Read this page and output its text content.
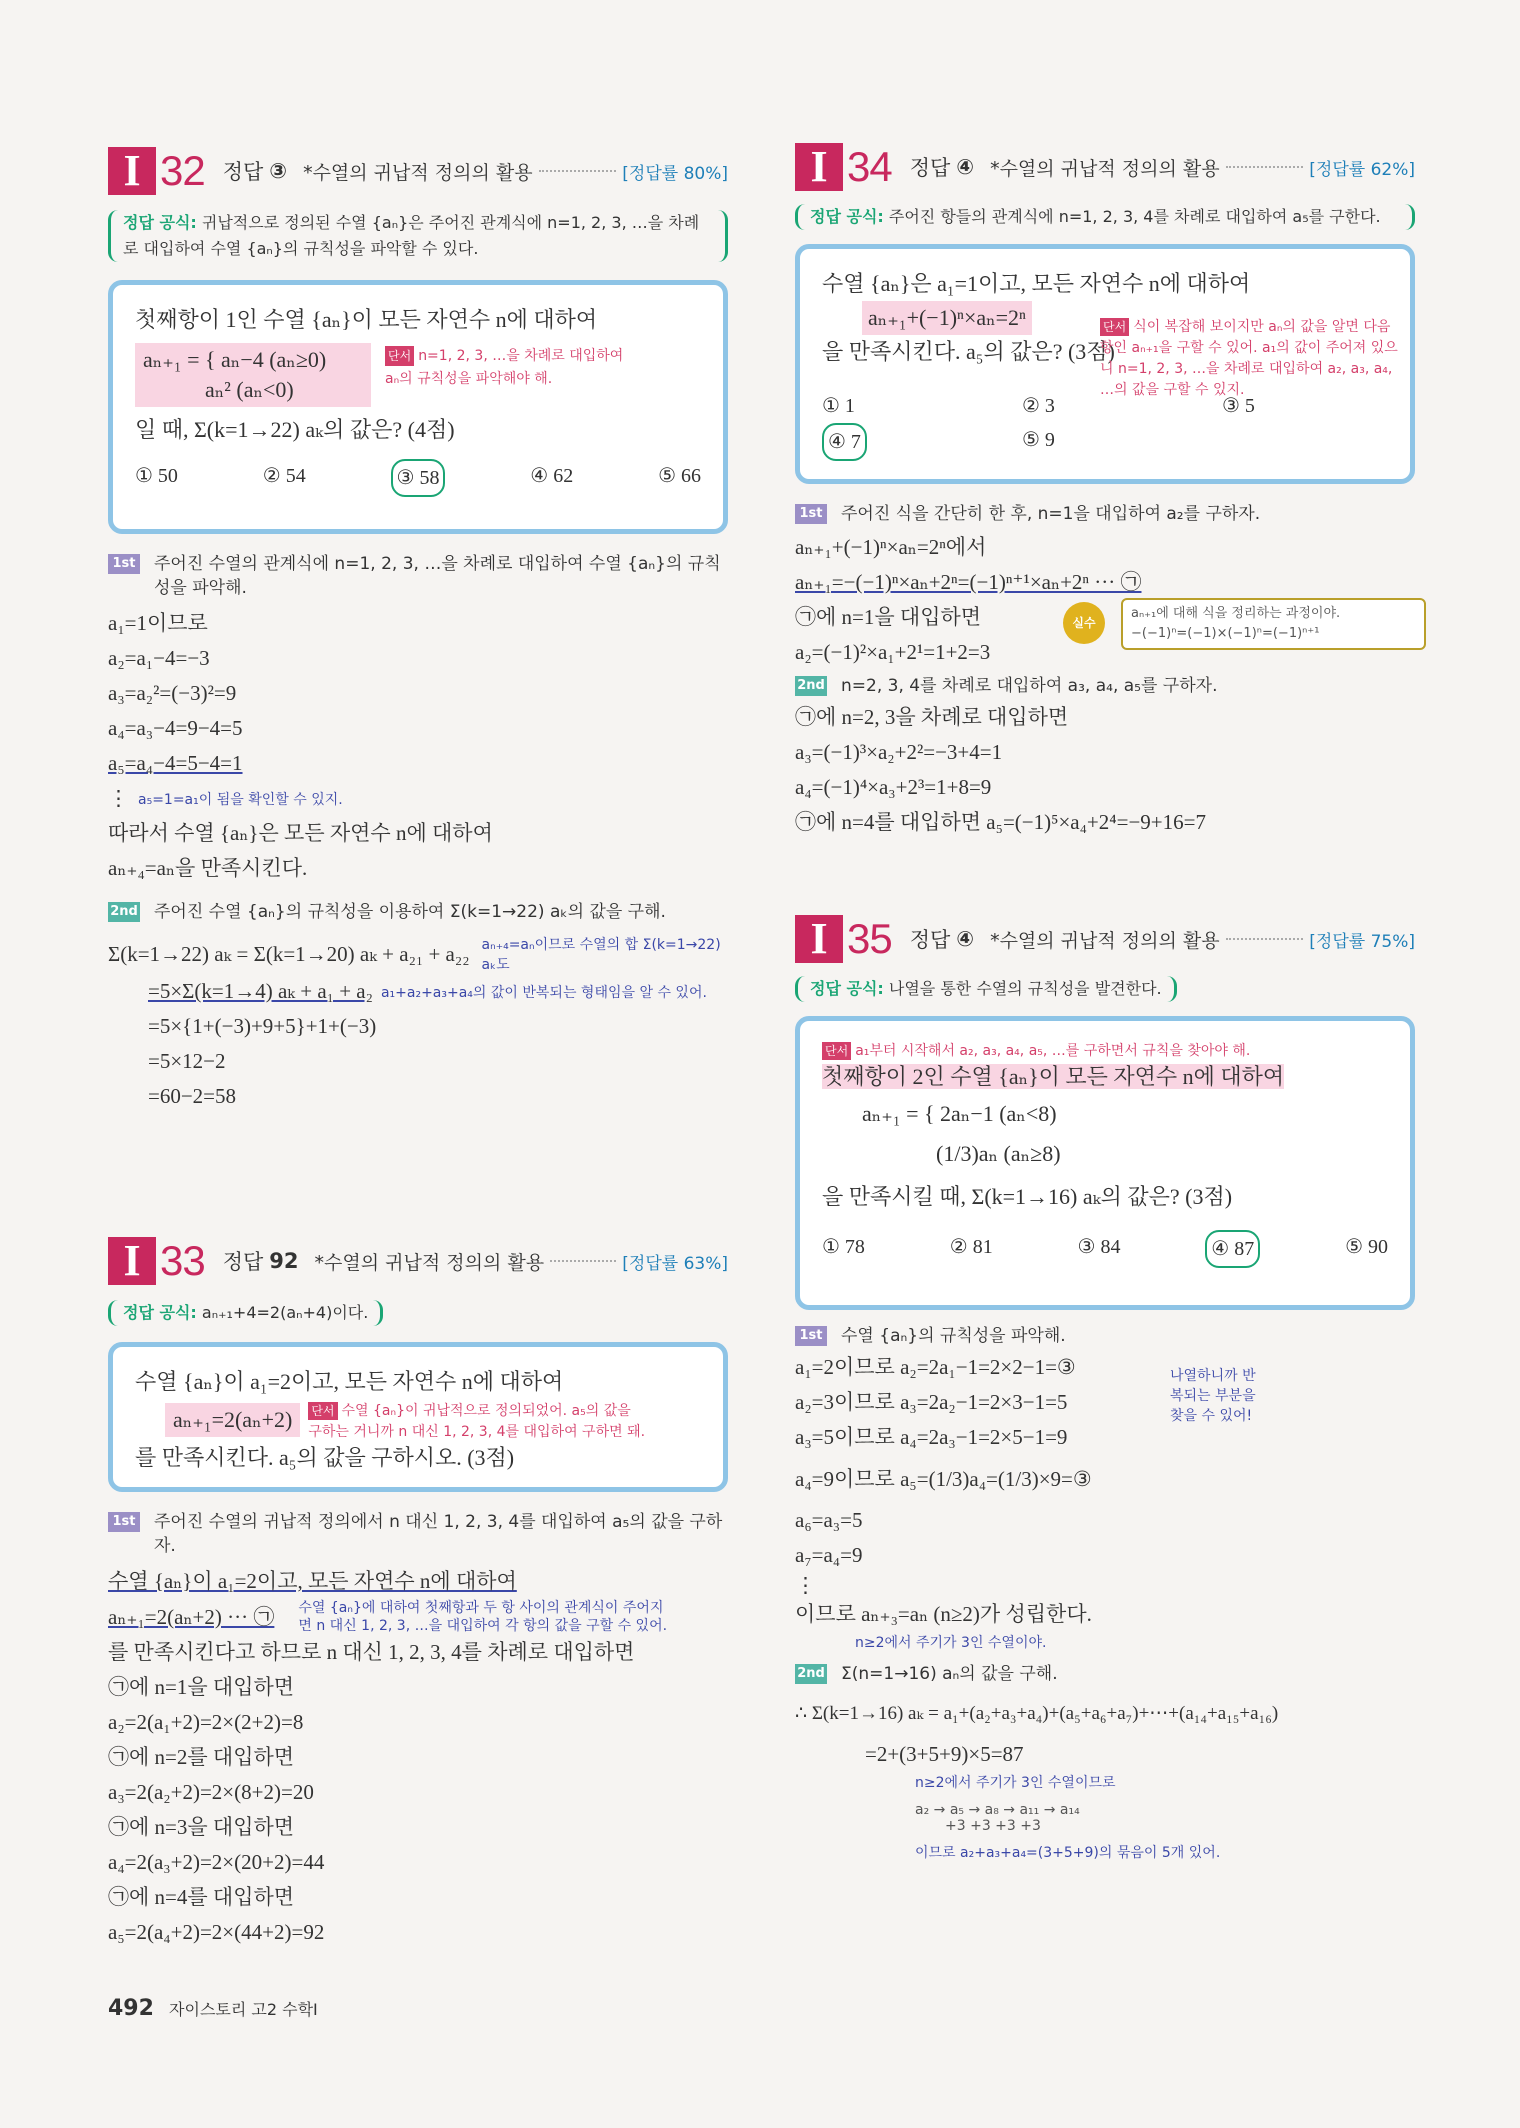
I 32 정답 ③ *수열의 귀납적 정의의 활용	[정답률 80%]
정답 공식: 귀납적으로 정의된 수열 {aₙ}은 주어진 관계식에 n=1, 2, 3, …을 차례로 대입하여 수열 {aₙ}의 규칙성을 파악할 수 있다.
첫째항이 1인 수열 {aₙ}이 모든 자연수 n에 대하여
aₙ₊₁ = { aₙ−4 (aₙ≥0)
aₙ² (aₙ<0)
단서 n=1, 2, 3, …을 차례로 대입하여 aₙ의 규칙성을 파악해야 해.
일 때, Σ(k=1→22) aₖ의 값은? (4점)
① 50	② 54	③ 58	④ 62	⑤ 66
1st 주어진 수열의 관계식에 n=1, 2, 3, …을 차례로 대입하여 수열 {aₙ}의 규칙성을 파악해.
a₁=1이므로
a₂=a₁−4=−3
a₃=a₂²=(−3)²=9
a₄=a₃−4=9−4=5
a₅=a₄−4=5−4=1
⋮ a₅=1=a₁이 됨을 확인할 수 있지.
따라서 수열 {aₙ}은 모든 자연수 n에 대하여
aₙ₊₄=aₙ을 만족시킨다.
2nd 주어진 수열 {aₙ}의 규칙성을 이용하여 Σ(k=1→22) aₖ의 값을 구해.
Σ(k=1→22) aₖ = Σ(k=1→20) aₖ + a₂₁ + a₂₂ aₙ₊₄=aₙ이므로 수열의 합 Σ(k=1→22) aₖ도
=5×Σ(k=1→4) aₖ + a₁ + a₂ a₁+a₂+a₃+a₄의 값이 반복되는 형태임을 알 수 있어.
=5×{1+(−3)+9+5}+1+(−3)
=5×12−2
=60−2=58
I 33 정답 92 *수열의 귀납적 정의의 활용	[정답률 63%]
정답 공식: aₙ₊₁+4=2(aₙ+4)이다.
수열 {aₙ}이 a₁=2이고, 모든 자연수 n에 대하여
aₙ₊₁=2(aₙ+2)	단서 수열 {aₙ}이 귀납적으로 정의되었어. a₅의 값을 구하는 거니까 n 대신 1, 2, 3, 4를 대입하여 구하면 돼.
를 만족시킨다. a₅의 값을 구하시오. (3점)
1st 주어진 수열의 귀납적 정의에서 n 대신 1, 2, 3, 4를 대입하여 a₅의 값을 구하자.
수열 {aₙ}이 a₁=2이고, 모든 자연수 n에 대하여
aₙ₊₁=2(aₙ+2) ··· ㉠ 수열 {aₙ}에 대하여 첫째항과 두 항 사이의 관계식이 주어지면 n 대신 1, 2, 3, …을 대입하여 각 항의 값을 구할 수 있어.
를 만족시킨다고 하므로 n 대신 1, 2, 3, 4를 차례로 대입하면
㉠에 n=1을 대입하면
a₂=2(a₁+2)=2×(2+2)=8
㉠에 n=2를 대입하면
a₃=2(a₂+2)=2×(8+2)=20
㉠에 n=3을 대입하면
a₄=2(a₃+2)=2×(20+2)=44
㉠에 n=4를 대입하면
a₅=2(a₄+2)=2×(44+2)=92
I 34 정답 ④ *수열의 귀납적 정의의 활용	[정답률 62%]
정답 공식: 주어진 항들의 관계식에 n=1, 2, 3, 4를 차례로 대입하여 a₅를 구한다.
수열 {aₙ}은 a₁=1이고, 모든 자연수 n에 대하여
aₙ₊₁+(−1)ⁿ×aₙ=2ⁿ
을 만족시킨다. a₅의 값은? (3점)
단서 식이 복잡해 보이지만 aₙ의 값을 알면 다음 항인 aₙ₊₁을 구할 수 있어. a₁의 값이 주어져 있으니 n=1, 2, 3, …을 차례로 대입하여 a₂, a₃, a₄, …의 값을 구할 수 있지.
① 1	② 3	③ 5
④ 7	⑤ 9
1st 주어진 식을 간단히 한 후, n=1을 대입하여 a₂를 구하자.
aₙ₊₁+(−1)ⁿ×aₙ=2ⁿ에서
aₙ₊₁=−(−1)ⁿ×aₙ+2ⁿ=(−1)ⁿ⁺¹×aₙ+2ⁿ ··· ㉠
㉠에 n=1을 대입하면
a₂=(−1)²×a₁+2¹=1+2=3
실수
aₙ₊₁에 대해 식을 정리하는 과정이야.
−(−1)ⁿ=(−1)×(−1)ⁿ=(−1)ⁿ⁺¹
2nd n=2, 3, 4를 차례로 대입하여 a₃, a₄, a₅를 구하자.
㉠에 n=2, 3을 차례로 대입하면
a₃=(−1)³×a₂+2²=−3+4=1
a₄=(−1)⁴×a₃+2³=1+8=9
㉠에 n=4를 대입하면 a₅=(−1)⁵×a₄+2⁴=−9+16=7
I 35 정답 ④ *수열의 귀납적 정의의 활용	[정답률 75%]
정답 공식: 나열을 통한 수열의 규칙성을 발견한다.
단서 a₁부터 시작해서 a₂, a₃, a₄, a₅, …를 구하면서 규칙을 찾아야 해.
첫째항이 2인 수열 {aₙ}이 모든 자연수 n에 대하여
aₙ₊₁ = { 2aₙ−1 (aₙ<8)
(1/3)aₙ (aₙ≥8)
을 만족시킬 때, Σ(k=1→16) aₖ의 값은? (3점)
① 78	② 81	③ 84	④ 87	⑤ 90
1st 수열 {aₙ}의 규칙성을 파악해.
a₁=2이므로 a₂=2a₁−1=2×2−1=③
a₂=3이므로 a₃=2a₂−1=2×3−1=5
a₃=5이므로 a₄=2a₃−1=2×5−1=9
a₄=9이므로 a₅=(1/3)a₄=(1/3)×9=③
a₆=a₃=5
a₇=a₄=9
⋮
나열하니까 반복되는 부분을 찾을 수 있어!
이므로 aₙ₊₃=aₙ (n≥2)가 성립한다.
n≥2에서 주기가 3인 수열이야.
2nd Σ(n=1→16) aₙ의 값을 구해.
∴ Σ(k=1→16) aₖ = a₁+(a₂+a₃+a₄)+(a₅+a₆+a₇)+⋯+(a₁₄+a₁₅+a₁₆)
=2+(3+5+9)×5=87
n≥2에서 주기가 3인 수열이므로
a₂ → a₅ → a₈ → a₁₁ → a₁₄
+3 +3 +3 +3
이므로 a₂+a₃+a₄=(3+5+9)의 묶음이 5개 있어.
492 자이스토리 고2 수학Ⅰ
